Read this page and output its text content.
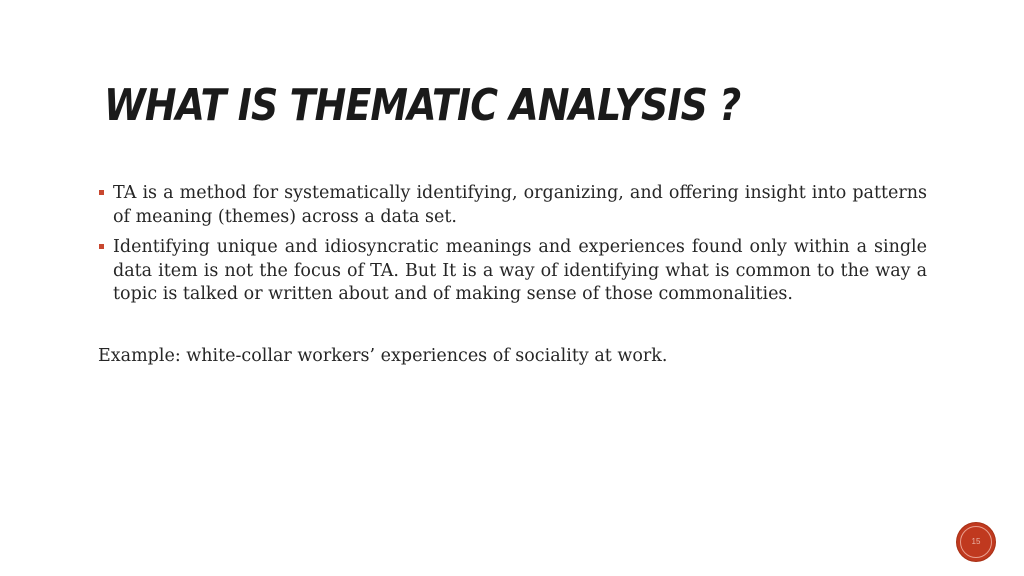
WHAT IS THEMATIC ANALYSIS ?
TA is a method for systematically identifying, organizing, and offering insight into patterns of meaning (themes) across a data set.
Identifying unique and idiosyncratic meanings and experiences found only within a single data item is not the focus of TA. But It is a way of identifying what is common to the way a topic is talked or written about and of making sense of those commonalities.

Example: white-collar workers’ experiences of sociality at work.

15
